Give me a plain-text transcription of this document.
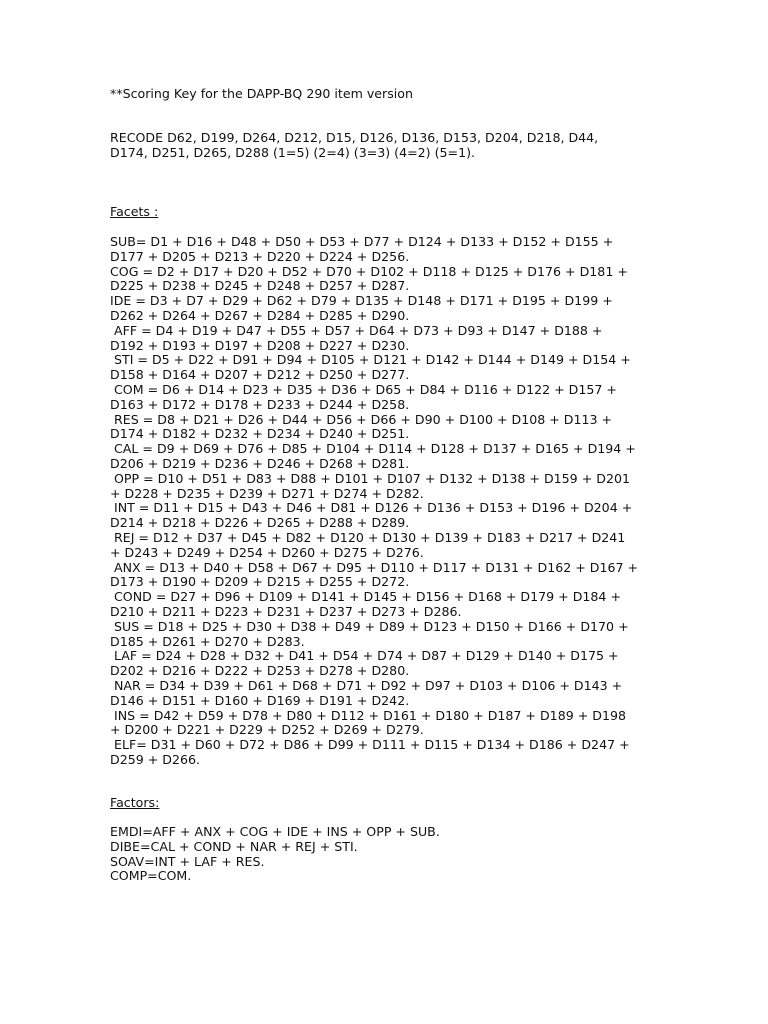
**Scoring Key for the DAPP-BQ 290 item version
RECODE D62, D199, D264, D212, D15, D126, D136, D153, D204, D218, D44,
D174, D251, D265, D288 (1=5) (2=4) (3=3) (4=2) (5=1).
Facets :
SUB= D1 + D16 + D48 + D50 + D53 + D77 + D124 + D133 + D152 + D155 +
D177 + D205 + D213 + D220 + D224 + D256.
COG = D2 + D17 + D20 + D52 + D70 + D102 + D118 + D125 + D176 + D181 +
D225 + D238 + D245 + D248 + D257 + D287.
IDE = D3 + D7 + D29 + D62 + D79 + D135 + D148 + D171 + D195 + D199 +
D262 + D264 + D267 + D284 + D285 + D290.
AFF = D4 + D19 + D47 + D55 + D57 + D64 + D73 + D93 + D147 + D188 +
D192 + D193 + D197 + D208 + D227 + D230.
STI = D5 + D22 + D91 + D94 + D105 + D121 + D142 + D144 + D149 + D154 +
D158 + D164 + D207 + D212 + D250 + D277.
COM = D6 + D14 + D23 + D35 + D36 + D65 + D84 + D116 + D122 + D157 +
D163 + D172 + D178 + D233 + D244 + D258.
RES = D8 + D21 + D26 + D44 + D56 + D66 + D90 + D100 + D108 + D113 +
D174 + D182 + D232 + D234 + D240 + D251.
CAL = D9 + D69 + D76 + D85 + D104 + D114 + D128 + D137 + D165 + D194 +
D206 + D219 + D236 + D246 + D268 + D281.
OPP = D10 + D51 + D83 + D88 + D101 + D107 + D132 + D138 + D159 + D201
+ D228 + D235 + D239 + D271 + D274 + D282.
INT = D11 + D15 + D43 + D46 + D81 + D126 + D136 + D153 + D196 + D204 +
D214 + D218 + D226 + D265 + D288 + D289.
REJ = D12 + D37 + D45 + D82 + D120 + D130 + D139 + D183 + D217 + D241
+ D243 + D249 + D254 + D260 + D275 + D276.
ANX = D13 + D40 + D58 + D67 + D95 + D110 + D117 + D131 + D162 + D167 +
D173 + D190 + D209 + D215 + D255 + D272.
COND = D27 + D96 + D109 + D141 + D145 + D156 + D168 + D179 + D184 +
D210 + D211 + D223 + D231 + D237 + D273 + D286.
SUS = D18 + D25 + D30 + D38 + D49 + D89 + D123 + D150 + D166 + D170 +
D185 + D261 + D270 + D283.
LAF = D24 + D28 + D32 + D41 + D54 + D74 + D87 + D129 + D140 + D175 +
D202 + D216 + D222 + D253 + D278 + D280.
NAR = D34 + D39 + D61 + D68 + D71 + D92 + D97 + D103 + D106 + D143 +
D146 + D151 + D160 + D169 + D191 + D242.
INS = D42 + D59 + D78 + D80 + D112 + D161 + D180 + D187 + D189 + D198
+ D200 + D221 + D229 + D252 + D269 + D279.
ELF= D31 + D60 + D72 + D86 + D99 + D111 + D115 + D134 + D186 + D247 +
D259 + D266.
Factors:
EMDI=AFF + ANX + COG + IDE + INS + OPP + SUB.
DIBE=CAL + COND + NAR + REJ + STI.
SOAV=INT + LAF + RES.
COMP=COM.
